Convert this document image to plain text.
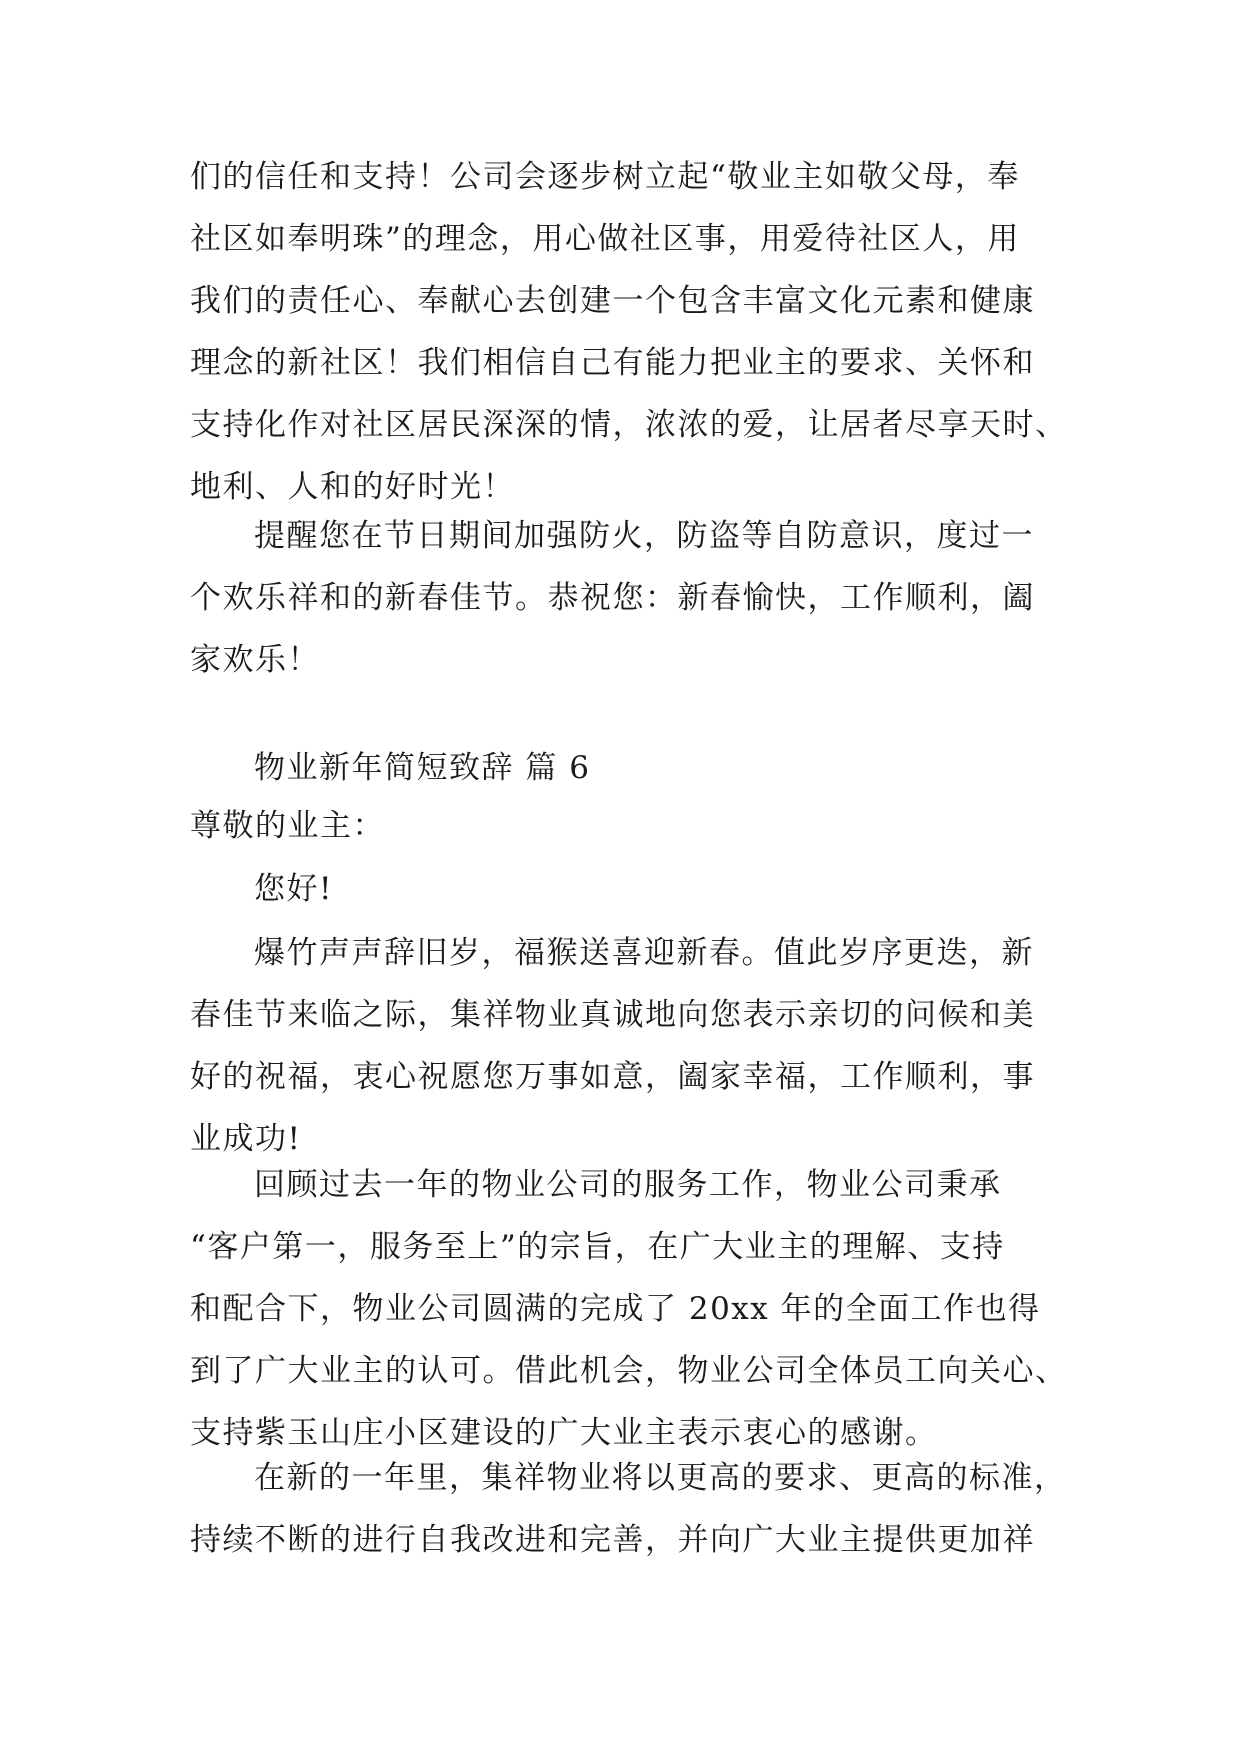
们的信任和支持！公司会逐步树立起“敬业主如敬父母，奉
社区如奉明珠”的理念，用心做社区事，用爱待社区人，用
我们的责任心、奉献心去创建一个包含丰富文化元素和健康
理念的新社区！我们相信自己有能力把业主的要求、关怀和
支持化作对社区居民深深的情，浓浓的爱，让居者尽享天时、
地利、人和的好时光！
提醒您在节日期间加强防火，防盗等自防意识，度过一
个欢乐祥和的新春佳节。恭祝您：新春愉快，工作顺利，阖
家欢乐！
物业新年简短致辞 篇 6
尊敬的业主：
您好!
爆竹声声辞旧岁，福猴送喜迎新春。值此岁序更迭，新
春佳节来临之际，集祥物业真诚地向您表示亲切的问候和美
好的祝福，衷心祝愿您万事如意，阖家幸福，工作顺利，事
业成功!
回顾过去一年的物业公司的服务工作，物业公司秉承
“客户第一，服务至上”的宗旨，在广大业主的理解、支持
和配合下，物业公司圆满的完成了 20xx 年的全面工作也得
到了广大业主的认可。借此机会，物业公司全体员工向关心、
支持紫玉山庄小区建设的广大业主表示衷心的感谢。
在新的一年里，集祥物业将以更高的要求、更高的标准，
持续不断的进行自我改进和完善，并向广大业主提供更加祥
